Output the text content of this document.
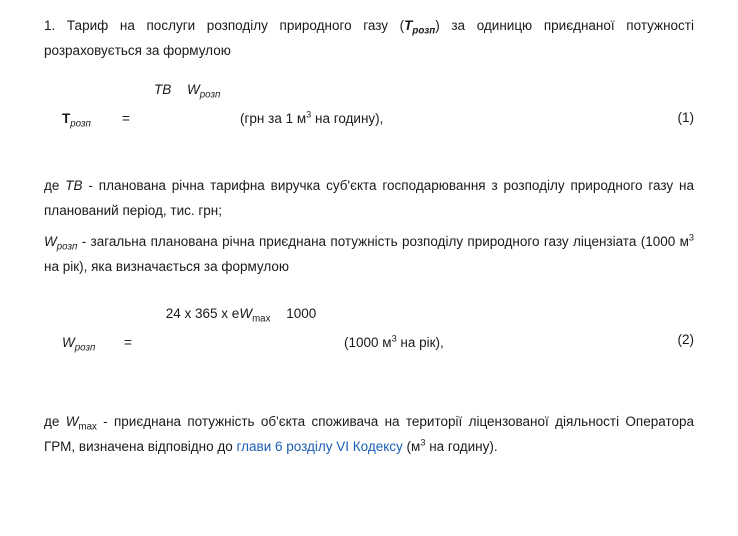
1. Тариф на послуги розподілу природного газу $(Т_{розп})$ за одиницю приєднаної потужності розраховується за формулою

$Т_{розп}$ =
ТВ $W_{розп}$
(грн за 1 $м^3$ на годину),	(1)

де ТВ - планована річна тарифна виручка суб'єкта господарювання з розподілу природного газу на планований період, тис. грн;

$W_{розп}$ - загальна планована річна приєднана потужність розподілу природного газу ліцензіата (1000 $м^3$ на рік), яка визначається за формулою

$W_{розп}$ =
24 х 365 х $еW_{max}$ 1000
(1000 $м^3$ на рік),	(2)

де $W_{max}$ - приєднана потужність об'єкта споживача на території ліцензованої діяльності Оператора ГРМ, визначена відповідно до глави 6 розділу VI Кодексу ($м^3$ на годину).
